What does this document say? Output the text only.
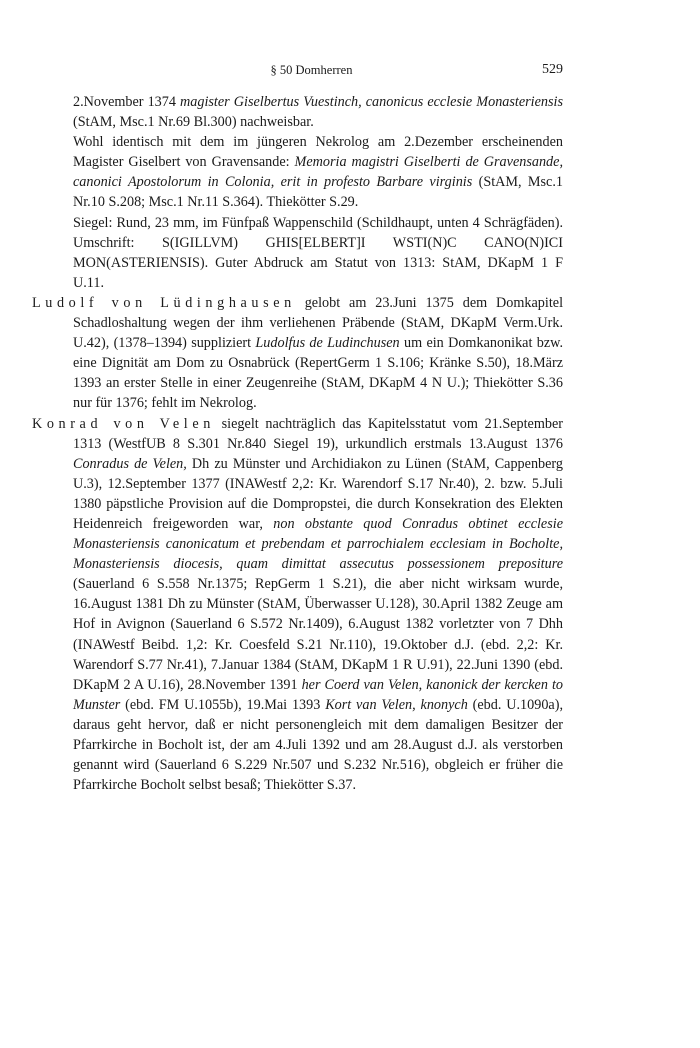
§ 50 Domherren	529

2.November 1374 magister Giselbertus Vuestinch, canonicus ecclesie Monasteriensis (StAM, Msc.1 Nr.69 Bl.300) nachweisbar.

Wohl identisch mit dem im jüngeren Nekrolog am 2.Dezember erscheinenden Magister Giselbert von Gravensande: Memoria magistri Giselberti de Gravensande, canonici Apostolorum in Colonia, erit in profesto Barbare virginis (StAM, Msc.1 Nr.10 S.208; Msc.1 Nr.11 S.364). Thiekötter S.29.

Siegel: Rund, 23 mm, im Fünfpaß Wappenschild (Schildhaupt, unten 4 Schrägfäden). Umschrift: S(IGILLVM) GHIS[ELBERT]I WSTI(N)C CANO(N)ICI MON(ASTERIENSIS). Guter Abdruck am Statut von 1313: StAM, DKapM 1 F U.11.

Ludolf von Lüdinghausen gelobt am 23.Juni 1375 dem Domkapitel Schadloshaltung wegen der ihm verliehenen Präbende (StAM, DKapM Verm.Urk. U.42), (1378–1394) suppliziert Ludolfus de Ludinchusen um ein Domkanonikat bzw. eine Dignität am Dom zu Osnabrück (RepertGerm 1 S.106; Kränke S.50), 18.März 1393 an erster Stelle in einer Zeugenreihe (StAM, DKapM 4 N U.); Thiekötter S.36 nur für 1376; fehlt im Nekrolog.

Konrad von Velen siegelt nachträglich das Kapitelsstatut vom 21.September 1313 (WestfUB 8 S.301 Nr.840 Siegel 19), urkundlich erstmals 13.August 1376 Conradus de Velen, Dh zu Münster und Archidiakon zu Lünen (StAM, Cappenberg U.3), 12.September 1377 (INAWestf 2,2: Kr. Warendorf S.17 Nr.40), 2. bzw. 5.Juli 1380 päpstliche Provision auf die Dompropstei, die durch Konsekration des Elekten Heidenreich freigeworden war, non obstante quod Conradus obtinet ecclesie Monasteriensis canonicatum et prebendam et parrochialem ecclesiam in Bocholte, Monasteriensis diocesis, quam dimittat assecutus possessionem prepositure (Sauerland 6 S.558 Nr.1375; RepGerm 1 S.21), die aber nicht wirksam wurde, 16.August 1381 Dh zu Münster (StAM, Überwasser U.128), 30.April 1382 Zeuge am Hof in Avignon (Sauerland 6 S.572 Nr.1409), 6.August 1382 vorletzter von 7 Dhh (INAWestf Beibd. 1,2: Kr. Coesfeld S.21 Nr.110), 19.Oktober d.J. (ebd. 2,2: Kr. Warendorf S.77 Nr.41), 7.Januar 1384 (StAM, DKapM 1 R U.91), 22.Juni 1390 (ebd. DKapM 2 A U.16), 28.November 1391 her Coerd van Velen, kanonick der kercken to Munster (ebd. FM U.1055b), 19.Mai 1393 Kort van Velen, knonych (ebd. U.1090a), daraus geht hervor, daß er nicht personengleich mit dem damaligen Besitzer der Pfarrkirche in Bocholt ist, der am 4.Juli 1392 und am 28.August d.J. als verstorben genannt wird (Sauerland 6 S.229 Nr.507 und S.232 Nr.516), obgleich er früher die Pfarrkirche Bocholt selbst besaß; Thiekötter S.37.
